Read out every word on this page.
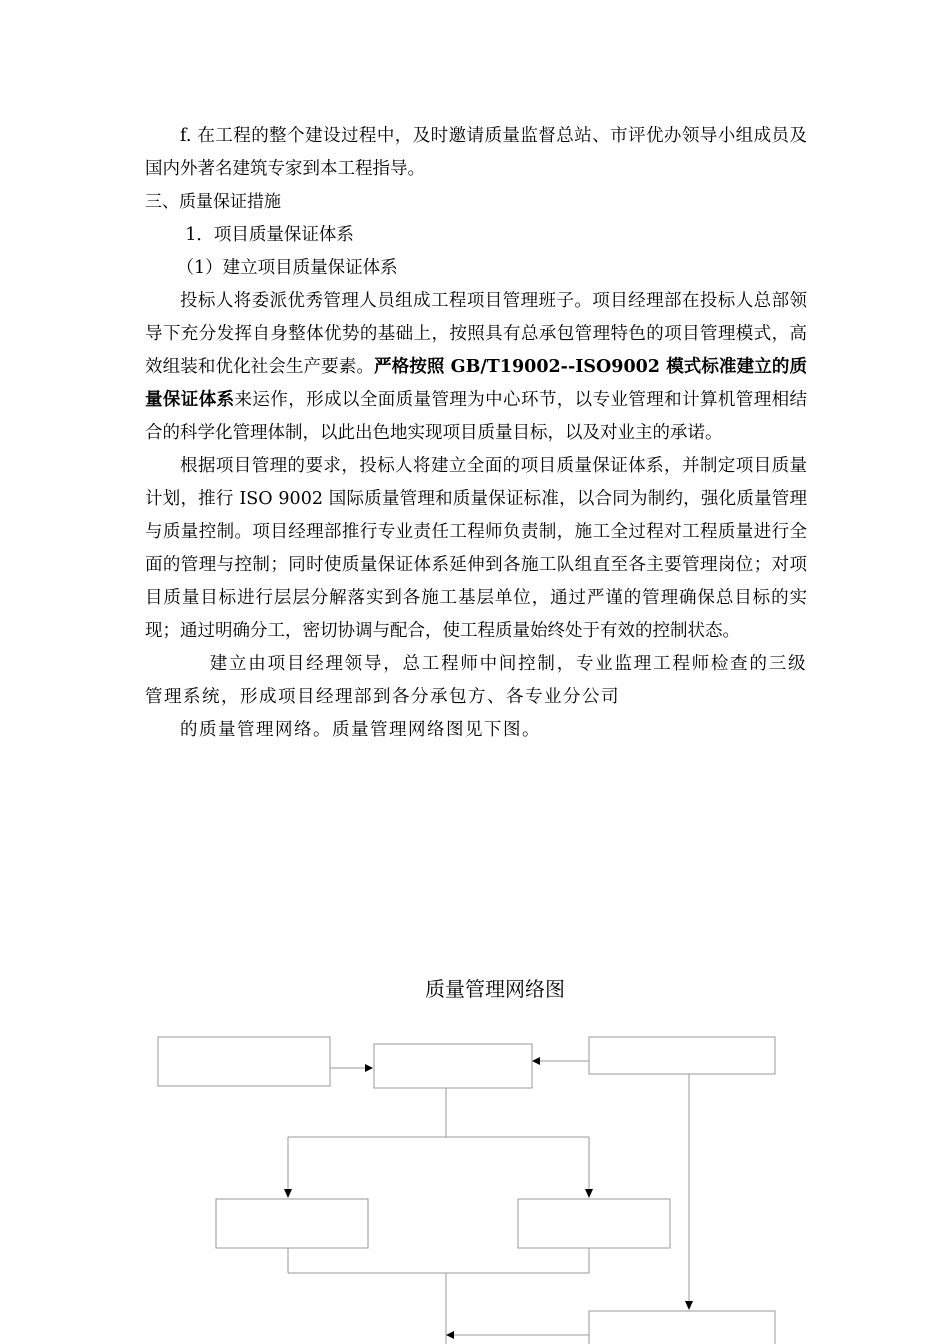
f. 在工程的整个建设过程中，及时邀请质量监督总站、市评优办领导小组成员及国内外著名建筑专家到本工程指导。

三、质量保证措施

1．项目质量保证体系

（1）建立项目质量保证体系

投标人将委派优秀管理人员组成工程项目管理班子。项目经理部在投标人总部领导下充分发挥自身整体优势的基础上，按照具有总承包管理特色的项目管理模式，高效组装和优化社会生产要素。严格按照 GB/T19002--ISO9002 模式标准建立的质量保证体系来运作，形成以全面质量管理为中心环节，以专业管理和计算机管理相结合的科学化管理体制，以此出色地实现项目质量目标，以及对业主的承诺。

根据项目管理的要求，投标人将建立全面的项目质量保证体系，并制定项目质量计划，推行 ISO 9002 国际质量管理和质量保证标准，以合同为制约，强化质量管理与质量控制。项目经理部推行专业责任工程师负责制，施工全过程对工程质量进行全面的管理与控制；同时使质量保证体系延伸到各施工队组直至各主要管理岗位；对项目质量目标进行层层分解落实到各施工基层单位，通过严谨的管理确保总目标的实现；通过明确分工，密切协调与配合，使工程质量始终处于有效的控制状态。

建立由项目经理领导，总工程师中间控制，专业监理工程师检查的三级管理系统，形成项目经理部到各分承包方、各专业分公司

的质量管理网络。质量管理网络图见下图。

质量管理网络图
